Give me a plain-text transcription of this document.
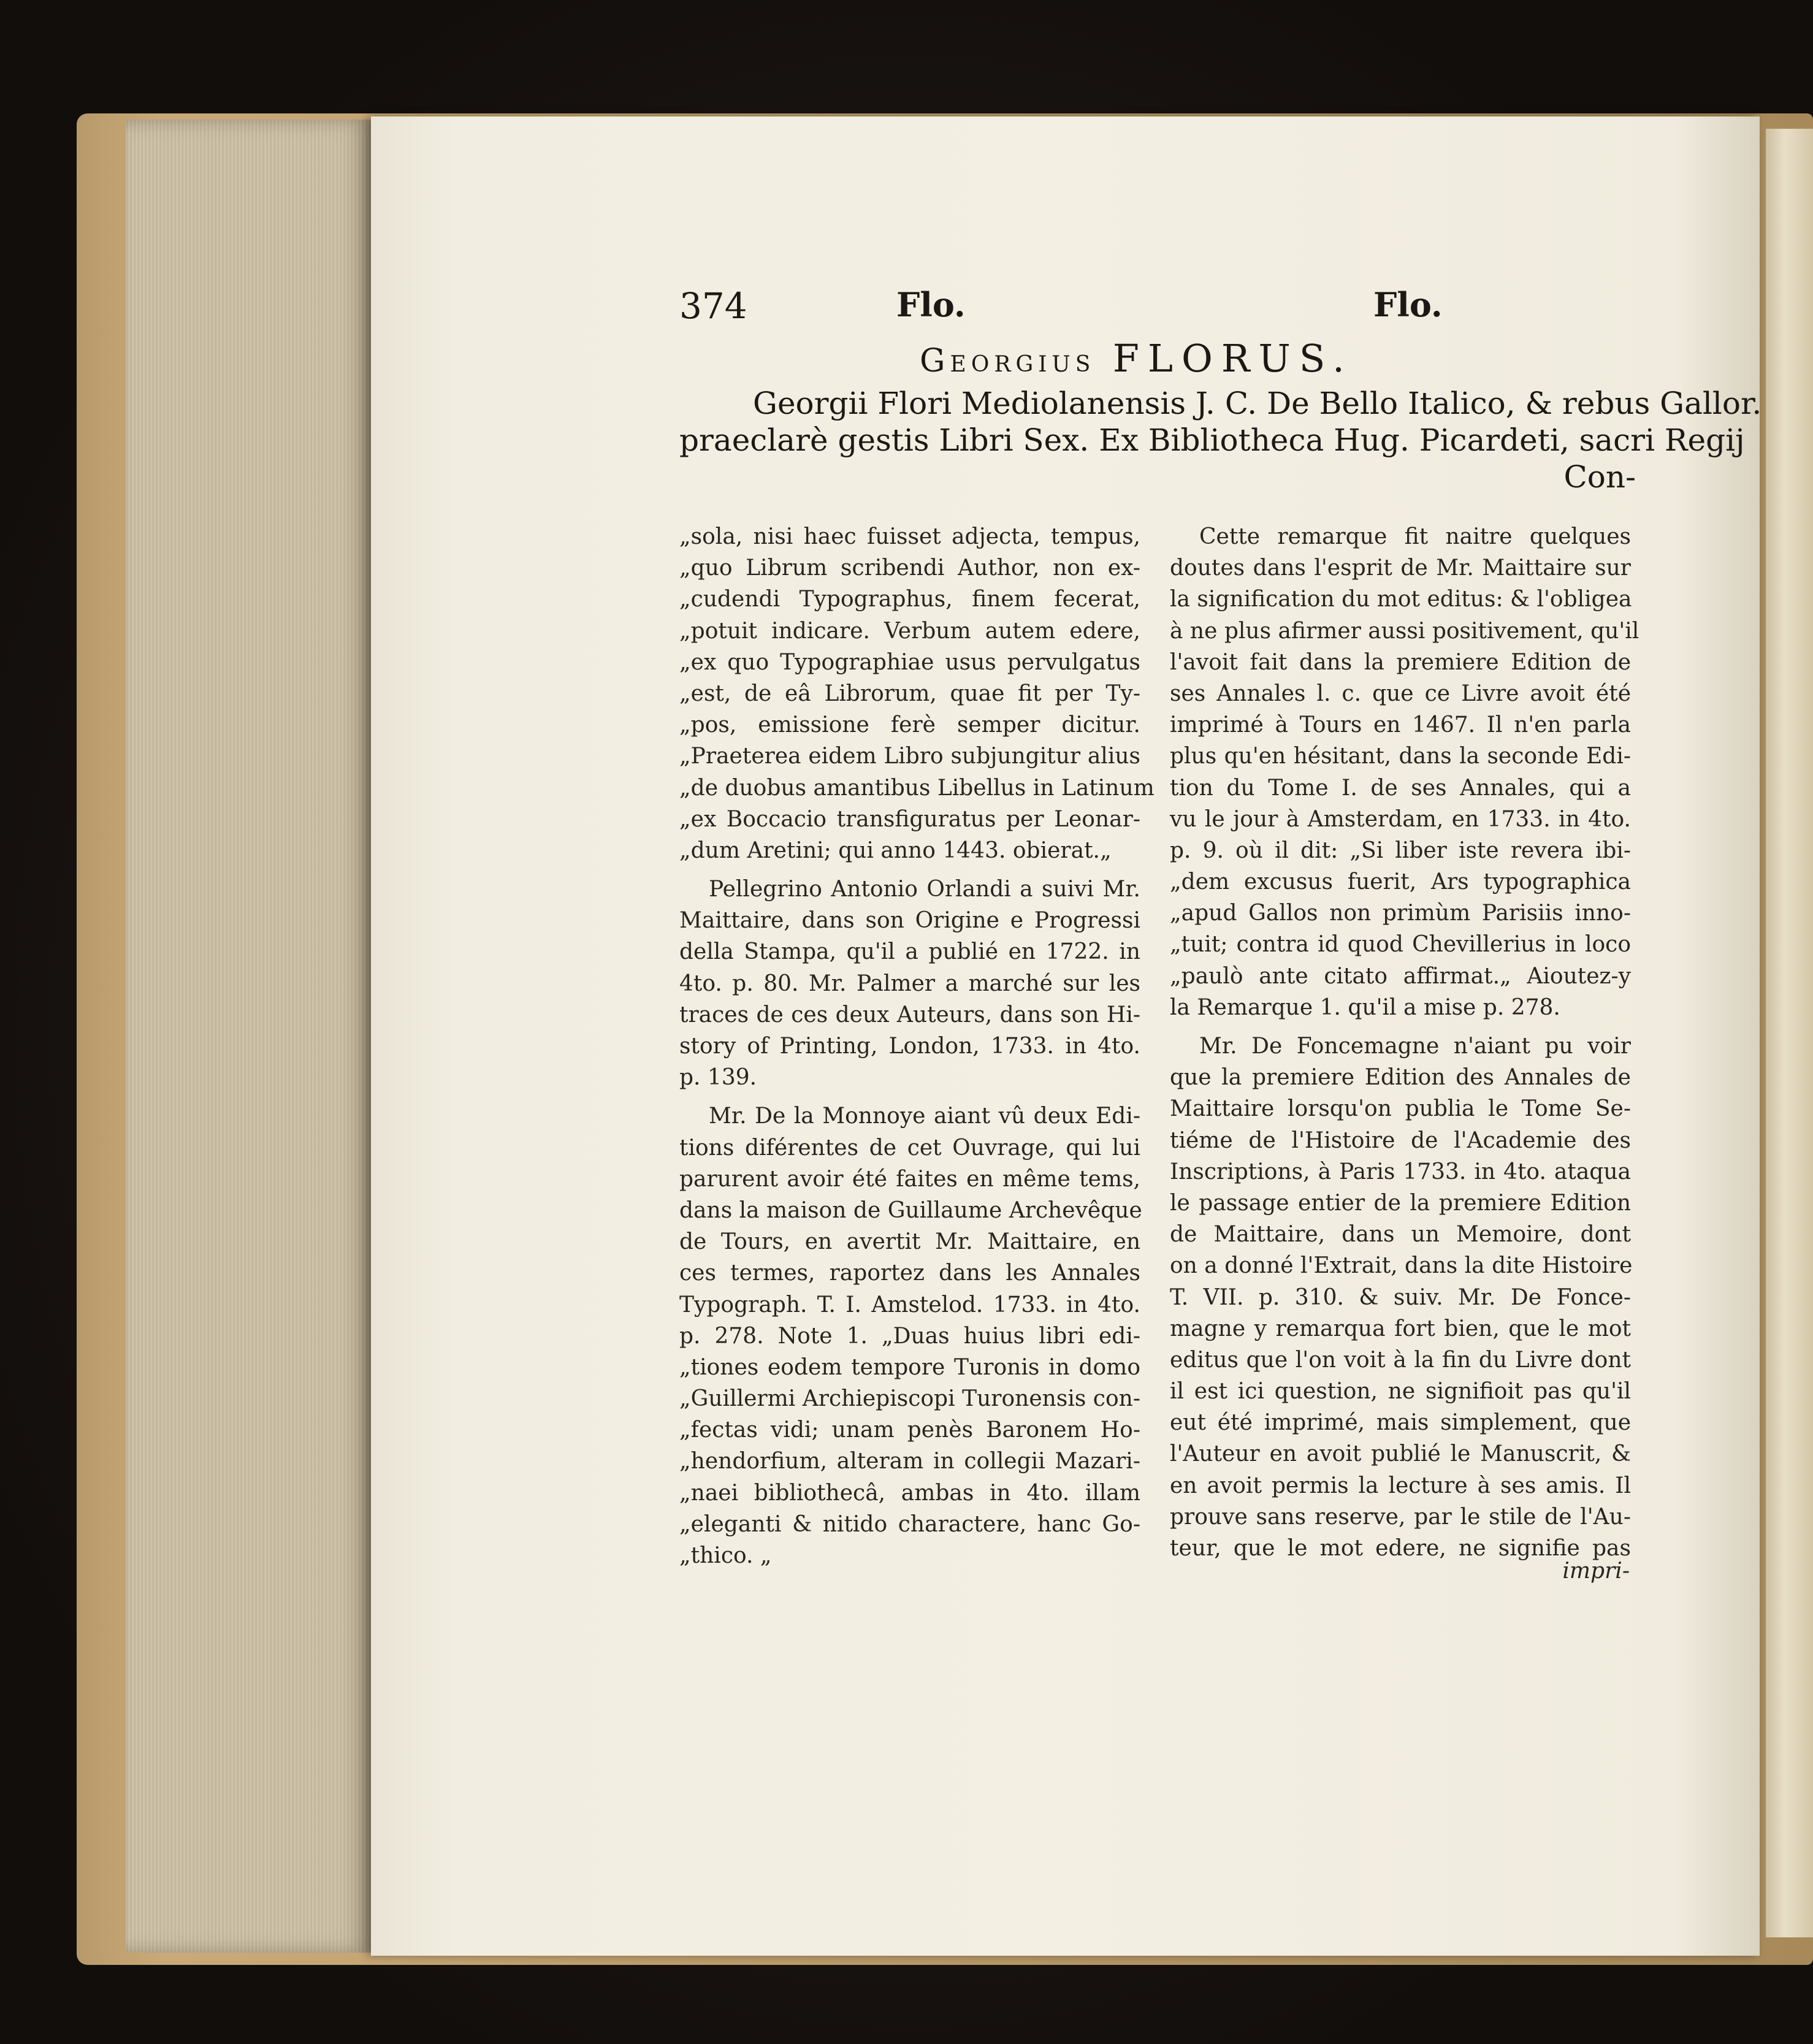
374	Flo.	Flo.
Georgius FLORUS.
Georgii Flori Mediolanensis J. C. De Bello Italico, & rebus Gallor.
praeclarè gestis Libri Sex. Ex Bibliotheca Hug. Picardeti, sacri Regij
Con-
„sola, nisi haec fuisset adjecta, tempus,
„quo Librum scribendi Author, non ex-
„cudendi Typographus, finem fecerat,
„potuit indicare. Verbum autem edere,
„ex quo Typographiae usus pervulgatus
„est, de eâ Librorum, quae fit per Ty-
„pos, emissione ferè semper dicitur.
„Praeterea eidem Libro subjungitur alius
„de duobus amantibus Libellus in Latinum
„ex Boccacio transfiguratus per Leonar-
„dum Aretini; qui anno 1443. obierat.„
Pellegrino Antonio Orlandi a suivi Mr.
Maittaire, dans son Origine e Progressi
della Stampa, qu'il a publié en 1722. in
4to. p. 80. Mr. Palmer a marché sur les
traces de ces deux Auteurs, dans son Hi-
story of Printing, London, 1733. in 4to.
p. 139.
Mr. De la Monnoye aiant vû deux Edi-
tions diférentes de cet Ouvrage, qui lui
parurent avoir été faites en même tems,
dans la maison de Guillaume Archevêque
de Tours, en avertit Mr. Maittaire, en
ces termes, raportez dans les Annales
Typograph. T. I. Amstelod. 1733. in 4to.
p. 278. Note 1. „Duas huius libri edi-
„tiones eodem tempore Turonis in domo
„Guillermi Archiepiscopi Turonensis con-
„fectas vidi; unam penès Baronem Ho-
„hendorfium, alteram in collegii Mazari-
„naei bibliothecâ, ambas in 4to. illam
„eleganti & nitido charactere, hanc Go-
„thico. „
Cette remarque fit naitre quelques
doutes dans l'esprit de Mr. Maittaire sur
la signification du mot editus: & l'obligea
à ne plus afirmer aussi positivement, qu'il
l'avoit fait dans la premiere Edition de
ses Annales l. c. que ce Livre avoit été
imprimé à Tours en 1467. Il n'en parla
plus qu'en hésitant, dans la seconde Edi-
tion du Tome I. de ses Annales, qui a
vu le jour à Amsterdam, en 1733. in 4to.
p. 9. où il dit: „Si liber iste revera ibi-
„dem excusus fuerit, Ars typographica
„apud Gallos non primùm Parisiis inno-
„tuit; contra id quod Chevillerius in loco
„paulò ante citato affirmat.„ Aioutez-y
la Remarque 1. qu'il a mise p. 278.
Mr. De Foncemagne n'aiant pu voir
que la premiere Edition des Annales de
Maittaire lorsqu'on publia le Tome Se-
tiéme de l'Histoire de l'Academie des
Inscriptions, à Paris 1733. in 4to. ataqua
le passage entier de la premiere Edition
de Maittaire, dans un Memoire, dont
on a donné l'Extrait, dans la dite Histoire
T. VII. p. 310. & suiv. Mr. De Fonce-
magne y remarqua fort bien, que le mot
editus que l'on voit à la fin du Livre dont
il est ici question, ne signifioit pas qu'il
eut été imprimé, mais simplement, que
l'Auteur en avoit publié le Manuscrit, &
en avoit permis la lecture à ses amis. Il
prouve sans reserve, par le stile de l'Au-
teur, que le mot edere, ne signifie pas
impri-
